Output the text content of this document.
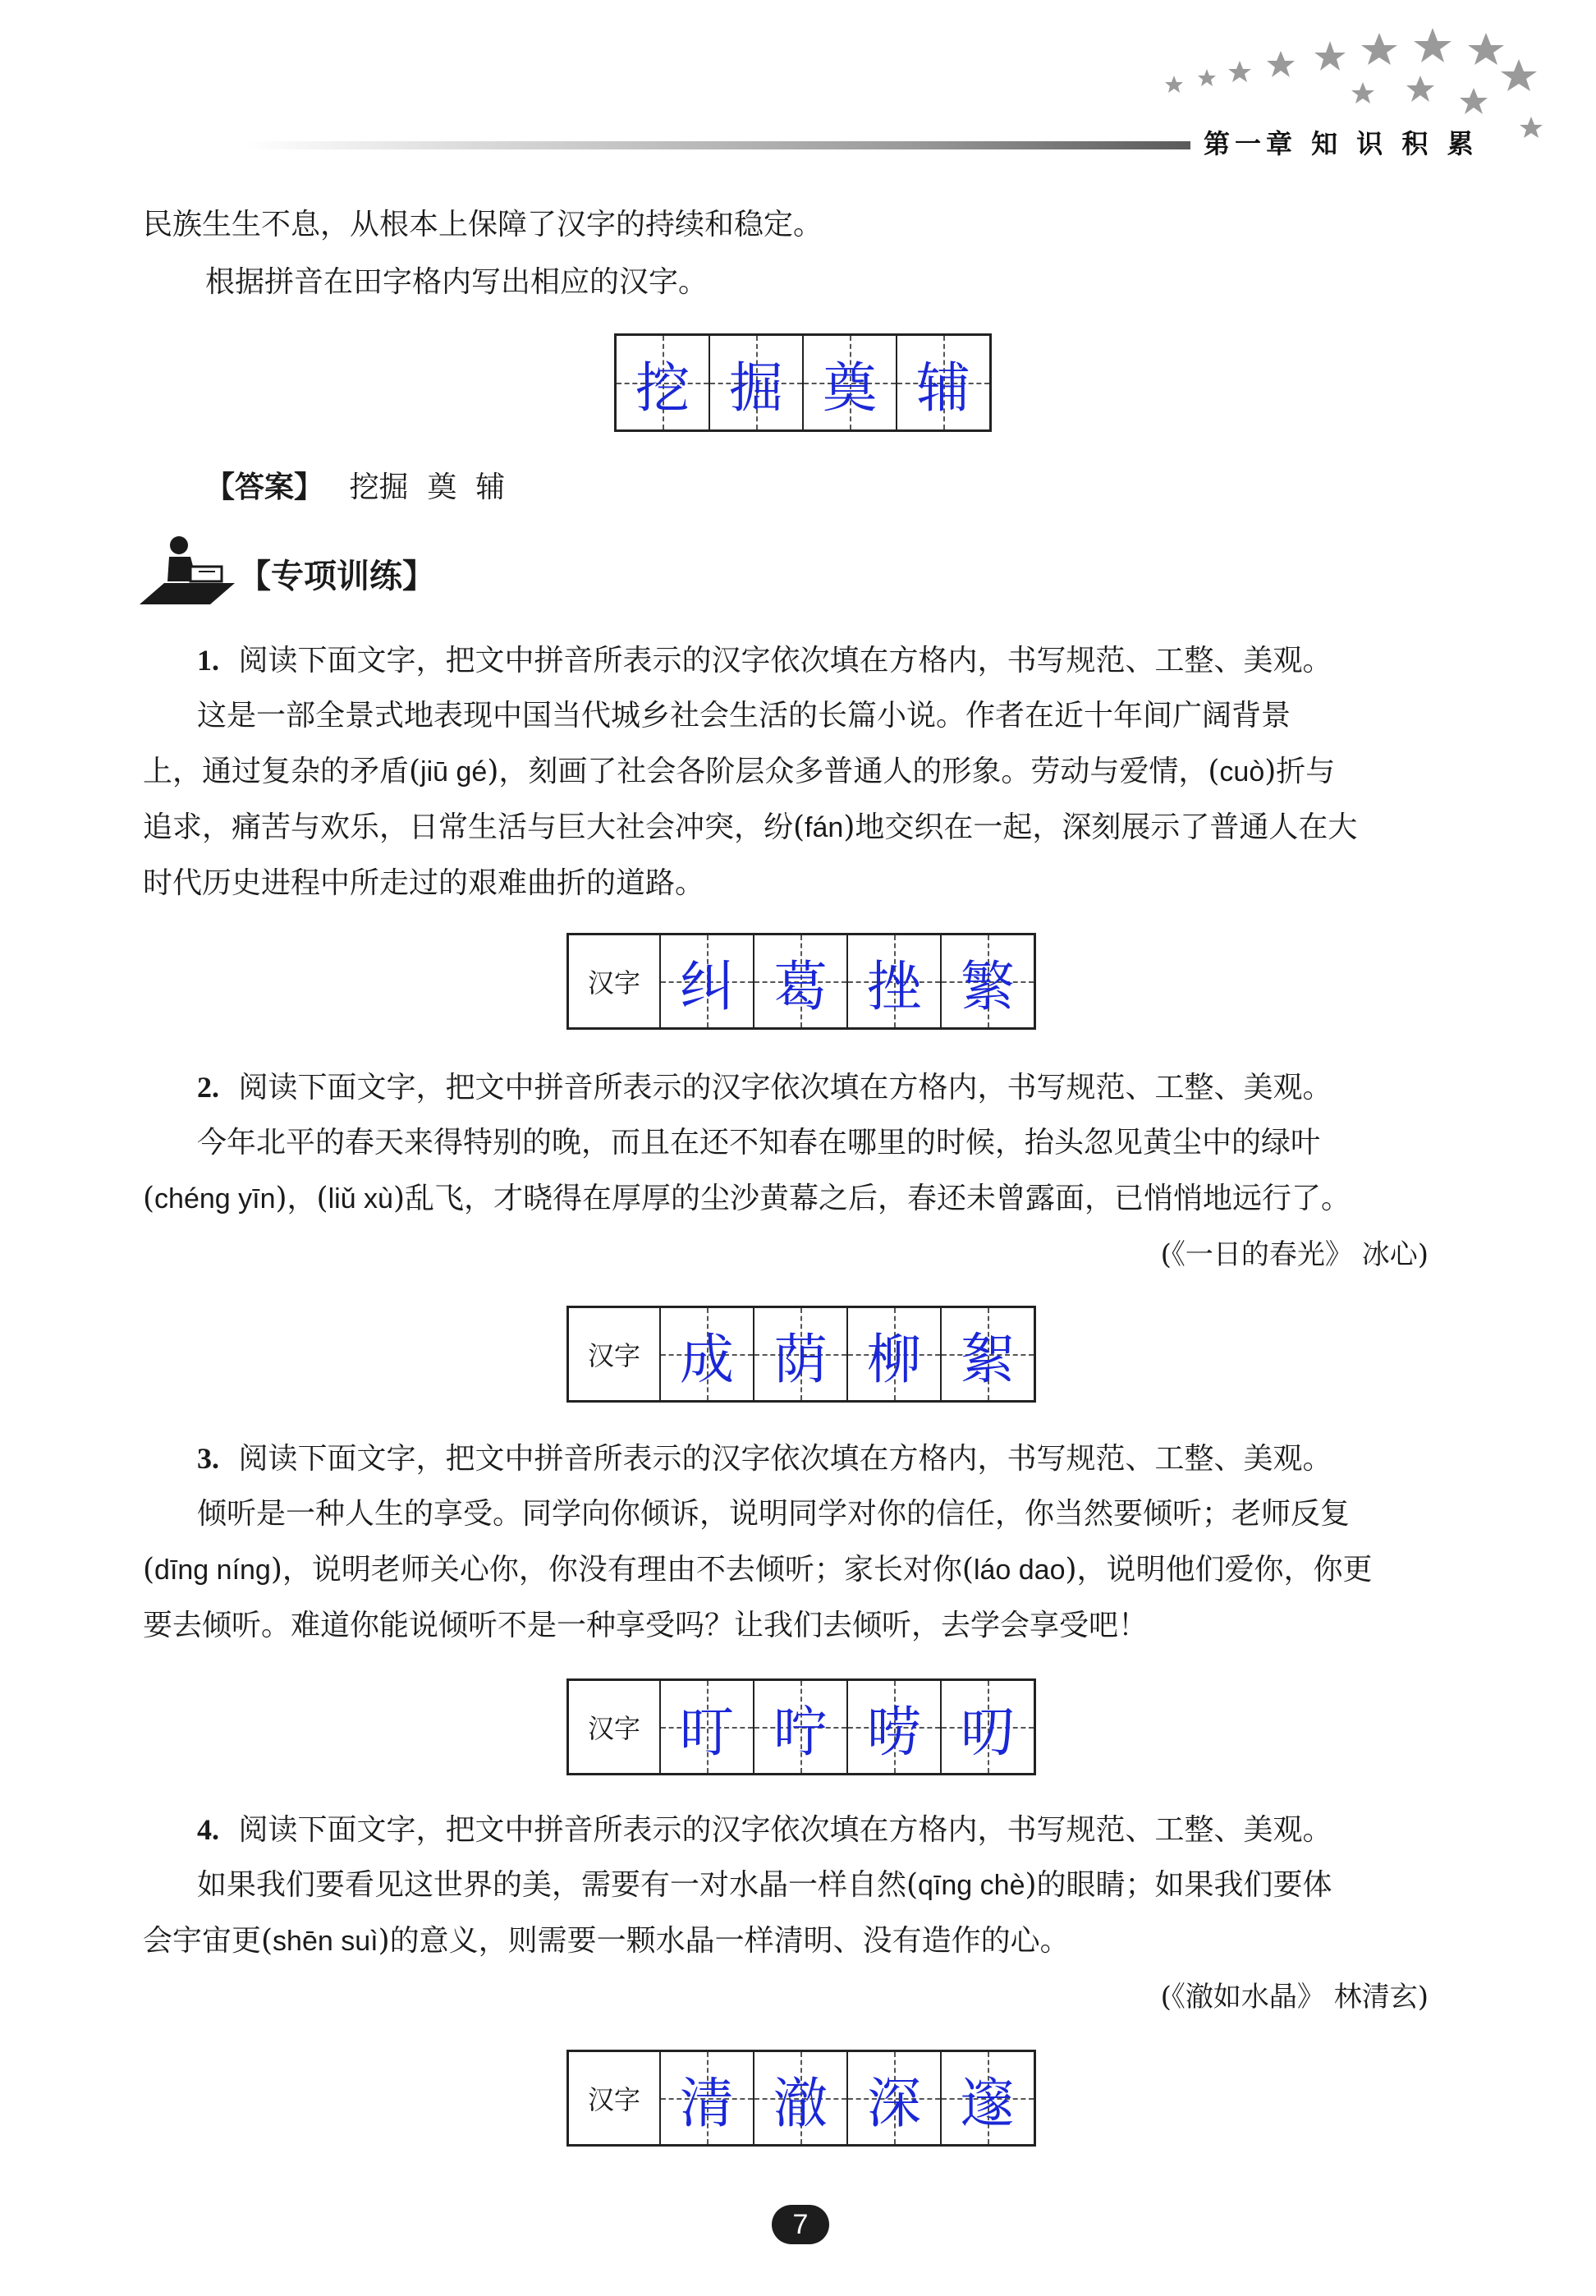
第一章 知 识 积 累
民族生生不息，从根本上保障了汉字的持续和稳定。
根据拼音在田字格内写出相应的汉字。
挖 掘 奠 辅
【答案】 挖掘  奠  辅
【专项训练】
1. 阅读下面文字，把文中拼音所表示的汉字依次填在方格内，书写规范、工整、美观。
这是一部全景式地表现中国当代城乡社会生活的长篇小说。作者在近十年间广阔背景
上，通过复杂的矛盾(jiū gé)，刻画了社会各阶层众多普通人的形象。劳动与爱情，(cuò)折与
追求，痛苦与欢乐，日常生活与巨大社会冲突，纷(fán)地交织在一起，深刻展示了普通人在大
时代历史进程中所走过的艰难曲折的道路。
汉字 纠 葛 挫 繁
2. 阅读下面文字，把文中拼音所表示的汉字依次填在方格内，书写规范、工整、美观。
今年北平的春天来得特别的晚，而且在还不知春在哪里的时候，抬头忽见黄尘中的绿叶
(chéng yīn)，(liǔ xù)乱飞，才晓得在厚厚的尘沙黄幕之后，春还未曾露面，已悄悄地远行了。
(《一日的春光》 冰心)
汉字 成 荫 柳 絮
3. 阅读下面文字，把文中拼音所表示的汉字依次填在方格内，书写规范、工整、美观。
倾听是一种人生的享受。同学向你倾诉，说明同学对你的信任，你当然要倾听；老师反复
(dīng níng)，说明老师关心你，你没有理由不去倾听；家长对你(láo dao)，说明他们爱你，你更
要去倾听。难道你能说倾听不是一种享受吗？让我们去倾听，去学会享受吧！
汉字 叮 咛 唠 叨
4. 阅读下面文字，把文中拼音所表示的汉字依次填在方格内，书写规范、工整、美观。
如果我们要看见这世界的美，需要有一对水晶一样自然(qīng chè)的眼睛；如果我们要体
会宇宙更(shēn suì)的意义，则需要一颗水晶一样清明、没有造作的心。
(《澈如水晶》 林清玄)
汉字 清 澈 深 邃
7
